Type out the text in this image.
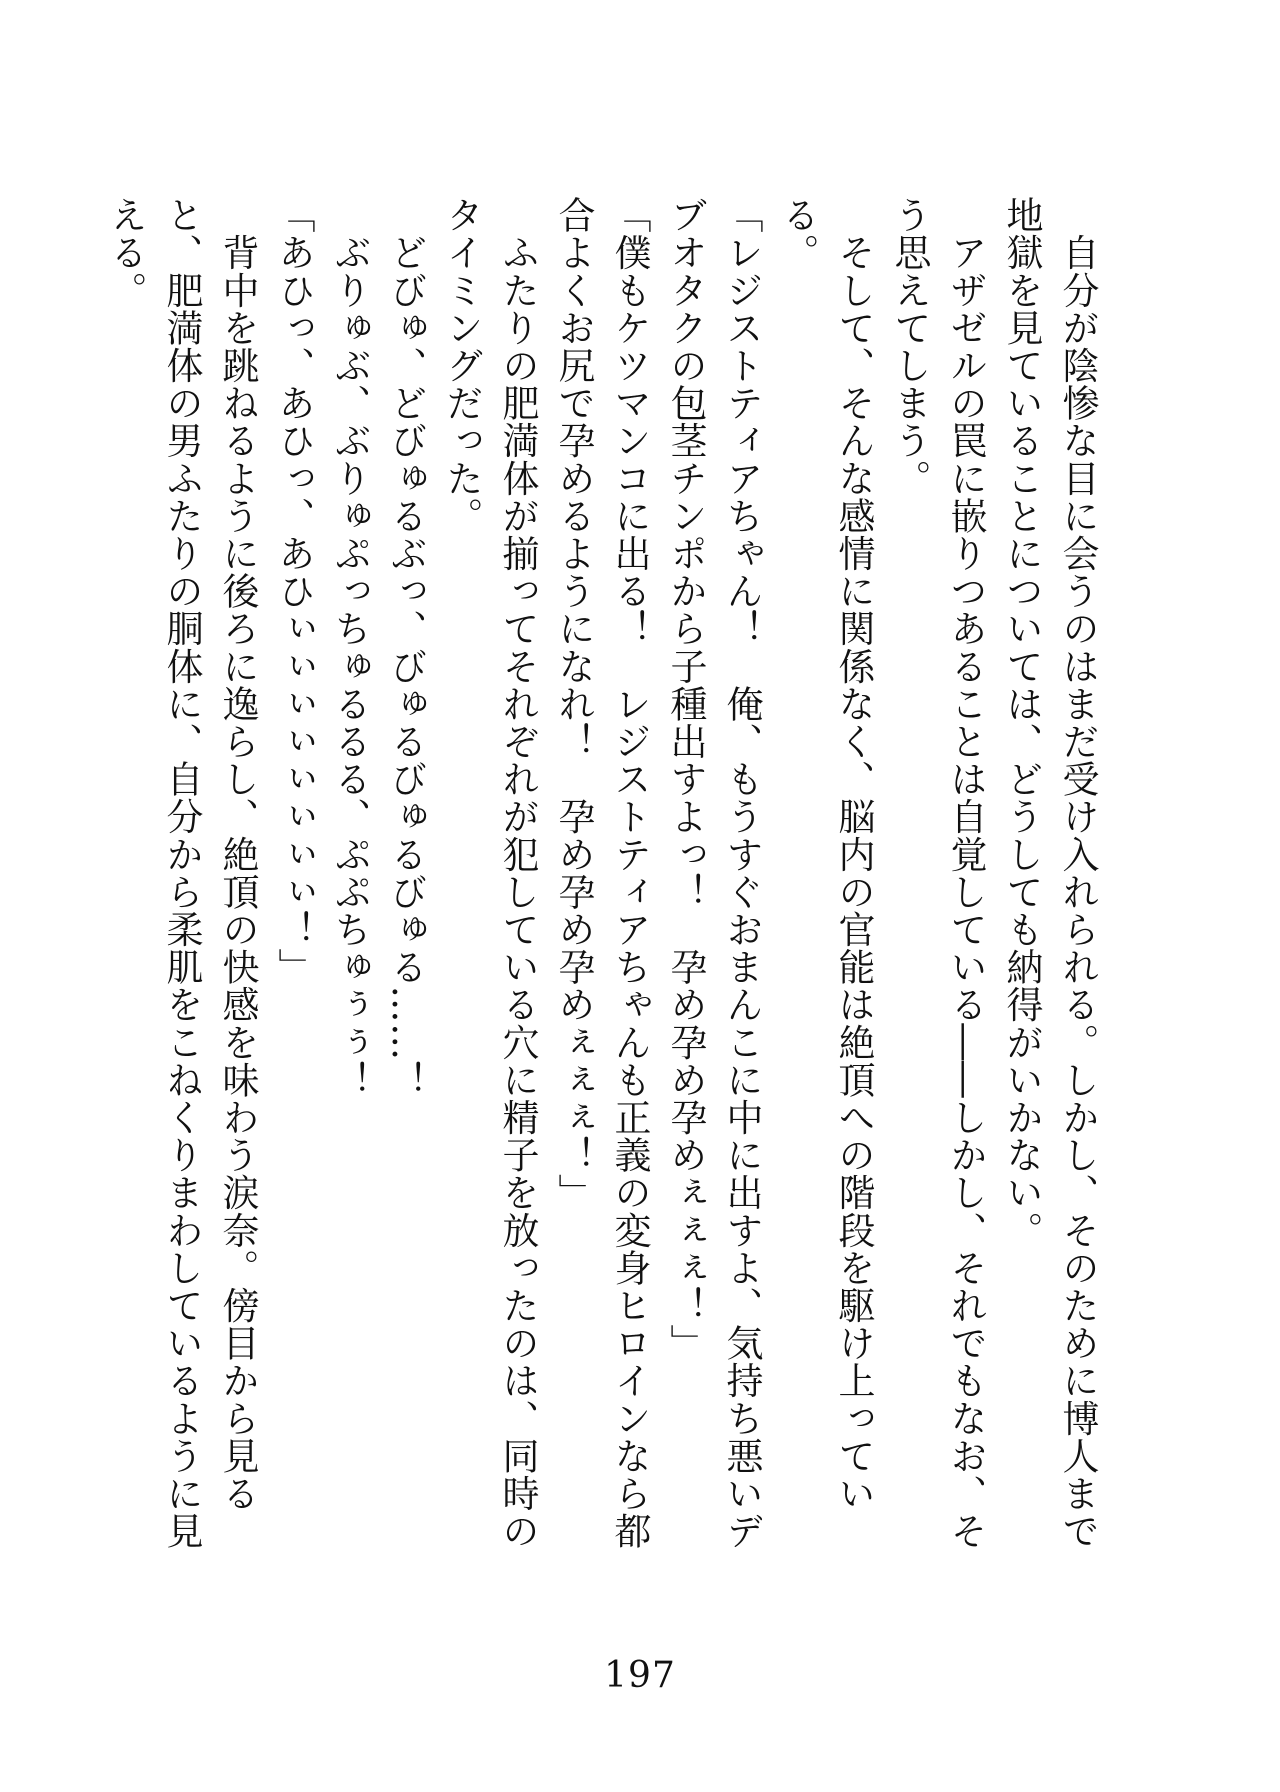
　自分が陰惨な目に会うのはまだ受け入れられる。しかし、そのために博人まで地獄を見ていることについては、どうしても納得がいかない。

　アザゼルの罠に嵌りつあることは自覚している――しかし、それでもなお、そう思えてしまう。

　そして、そんな感情に関係なく、脳内の官能は絶頂への階段を駆け上っている。

「レジストティアちゃん！　俺、もうすぐおまんこに中に出すよ、気持ち悪いデブオタクの包茎チンポから子種出すよっ！　孕め孕め孕めぇぇぇ！」

「僕もケツマンコに出る！　レジストティアちゃんも正義の変身ヒロインなら都合よくお尻で孕めるようになれ！　孕め孕め孕めぇぇぇ！」

　ふたりの肥満体が揃ってそれぞれが犯している穴に精子を放ったのは、同時のタイミングだった。

　どびゅ、どびゅるぶっ、びゅるびゅるびゅる……！

　ぶりゅぶ、ぶりゅぷっちゅるるる、ぷぷちゅぅぅ！

「あひっ、あひっ、あひぃぃぃぃぃぃぃぃ！」

　背中を跳ねるように後ろに逸らし、絶頂の快感を味わう涙奈。傍目から見ると、肥満体の男ふたりの胴体に、自分から柔肌をこねくりまわしているように見える。

197
